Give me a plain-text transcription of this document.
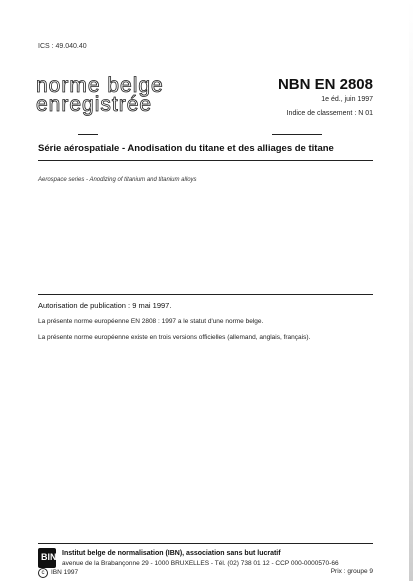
ICS : 49.040.40
norme belge
enregistrée
NBN EN 2808
1e éd., juin 1997
Indice de classement : N 01
Série aérospatiale - Anodisation du titane et des alliages de titane
Aerospace series - Anodizing of titanium and titanium alloys
Autorisation de publication : 9 mai 1997.
La présente norme européenne EN 2808 : 1997 a le statut d'une norme belge.
La présente norme européenne existe en trois versions officielles (allemand, anglais, français).
BIN Institut belge de normalisation (IBN), association sans but lucratif
avenue de la Brabançonne 29 - 1000 BRUXELLES - Tél. (02) 738 01 12 - CCP 000-0000570-66
c IBN 1997	Prix : groupe 9
